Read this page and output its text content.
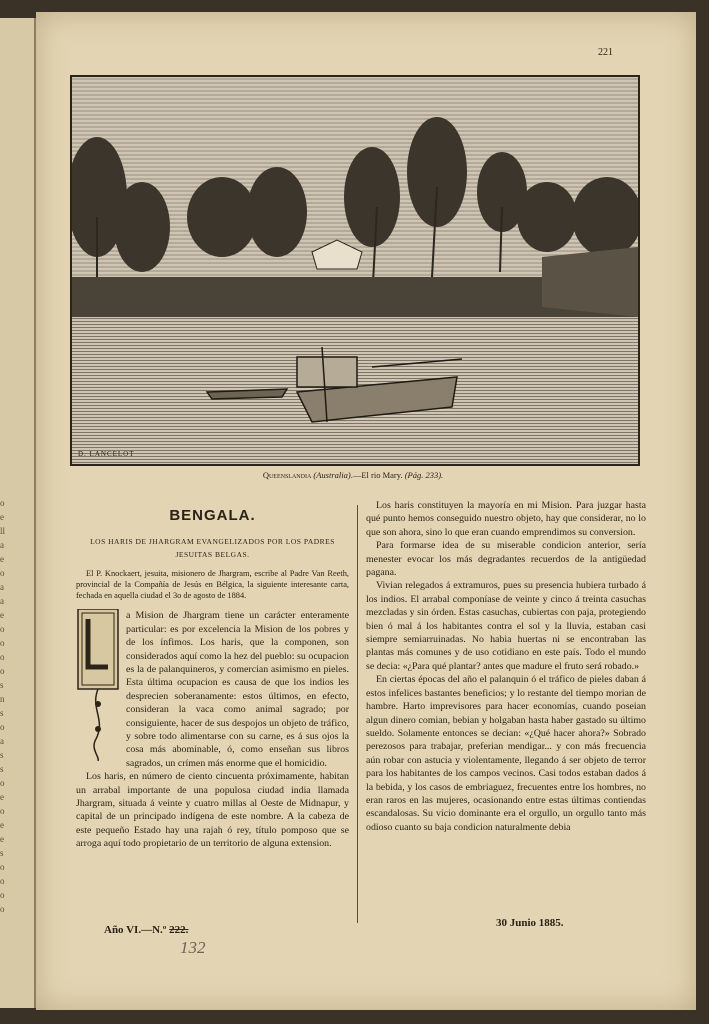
o
e
ll
a
e
o
a
a
e
o
o
o
o
s
n
s
o
a
s
s
o
e
o
e
e
s
o
o
o
o
221
D. LANCELOT
Queenslandia (Australia).—El rio Mary. (Pág. 233).
BENGALA.
LOS HARIS DE JHARGRAM EVANGELIZADOS POR LOS PADRES JESUITAS BELGAS.

El P. Knockaert, jesuita, misionero de Jhargram, escribe al Padre Van Reeth, provincial de la Compañía de Jesús en Bélgica, la siguiente interesante carta, fechada en aquella ciudad el 3o de agosto de 1884.

a Mision de Jhargram tiene un carácter enteramente particular: es por excelencia la Mision de los pobres y de los ínfimos. Los haris, que la componen, son considerados aquí como la hez del pueblo: su ocupacion es la de palanquineros, y comercian asimismo en pieles. Esta última ocupacion es causa de que los indios les desprecien soberanamente: estos últimos, en efecto, consideran la vaca como animal sagrado; por consiguiente, hacer de sus despojos un objeto de tráfico, y sobre todo alimentarse con su carne, es á sus ojos la cosa más abominable, ó, como enseñan sus libros sagrados, un crímen más enorme que el homicidio.

Los haris, en número de ciento cincuenta próximamente, habitan un arrabal importante de una populosa ciudad india llamada Jhargram, situada á veinte y cuatro millas al Oeste de Midnapur, y capital de un principado indígena de este nombre. A la cabeza de este pequeño Estado hay una rajah ó rey, título pomposo que se arroga aquí todo propietario de un territorio de alguna extension.

Los haris constituyen la mayoría en mi Mision. Para juzgar hasta qué punto hemos conseguido nuestro objeto, hay que considerar, no lo que son ahora, sino lo que eran cuando emprendimos su conversion.

Para formarse idea de su miserable condicion anterior, sería menester evocar los más degradantes recuerdos de la antigüedad pagana.

Vivian relegados á extramuros, pues su presencia hubiera turbado á los indios. El arrabal componíase de veinte y cinco á treinta casuchas mezcladas y sin órden. Estas casuchas, cubiertas con paja, protegiendo bien ó mal á los habitantes contra el sol y la lluvia, estaban casi siempre semiarruinadas. No habia huertas ni se encontraban las plantas más comunes y de uso cotidiano en este país. Todo el mundo se decia: «¿Para qué plantar? antes que madure el fruto será robado.»

En ciertas épocas del año el palanquin ó el tráfico de pieles daban á estos infelices bastantes beneficios; y lo restante del tiempo morian de hambre. Harto imprevisores para hacer economías, cuando poseian algun dinero comian, bebian y holgaban hasta haber gastado su último sueldo. Solamente entonces se decian: «¿Qué hacer ahora?» Sobrado perezosos para trabajar, preferian mendigar... y con más frecuencia aún robar con astucia y violentamente, llegando á ser objeto de terror para los habitantes de los campos vecinos. Casi todos estaban dados á la bebida, y los casos de embriaguez, frecuentes entre los hombres, no eran raros en las mujeres, ocasionando entre estas últimas contiendas escandalosas. Su vicio dominante era el orgullo, un orgullo tanto más odioso cuanto su baja condicion naturalmente debia

Año VI.—N.º 222.
132
30 Junio 1885.
